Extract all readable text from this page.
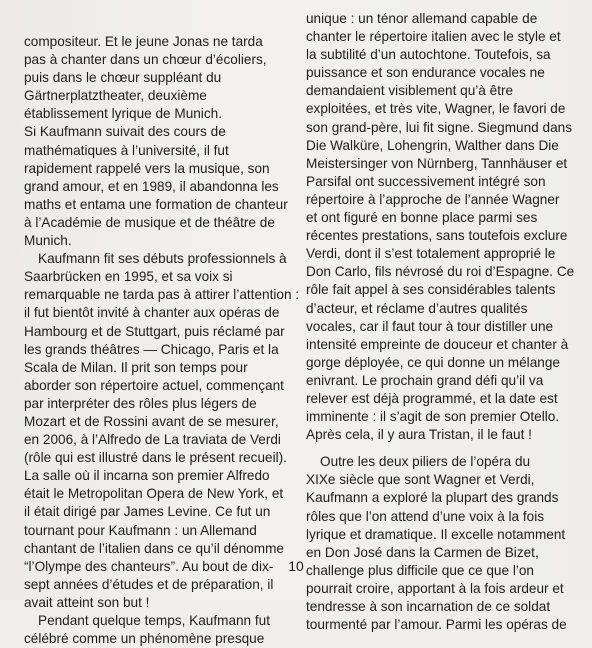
compositeur. Et le jeune Jonas ne tarda
pas à chanter dans un chœur d’écoliers,
puis dans le chœur suppléant du
Gärtnerplatztheater, deuxième
établissement lyrique de Munich.
Si Kaufmann suivait des cours de
mathématiques à l’université, il fut
rapidement rappelé vers la musique, son
grand amour, et en 1989, il abandonna les
maths et entama une formation de chanteur
à l’Académie de musique et de théâtre de
Munich.
Kaufmann fit ses débuts professionnels à
Saarbrücken en 1995, et sa voix si
remarquable ne tarda pas à attirer l’attention :
il fut bientôt invité à chanter aux opéras de
Hambourg et de Stuttgart, puis réclamé par
les grands théâtres — Chicago, Paris et la
Scala de Milan. Il prit son temps pour
aborder son répertoire actuel, commençant
par interpréter des rôles plus légers de
Mozart et de Rossini avant de se mesurer,
en 2006, à l’Alfredo de La traviata de Verdi
(rôle qui est illustré dans le présent recueil).
La salle où il incarna son premier Alfredo
était le Metropolitan Opera de New York, et
il était dirigé par James Levine. Ce fut un
tournant pour Kaufmann : un Allemand
chantant de l’italien dans ce qu’il dénomme
“l’Olympe des chanteurs”. Au bout de dix-
sept années d’études et de préparation, il
avait atteint son but !
Pendant quelque temps, Kaufmann fut
célébré comme un phénomène presque
unique : un ténor allemand capable de
chanter le répertoire italien avec le style et
la subtilité d’un autochtone. Toutefois, sa
puissance et son endurance vocales ne
demandaient visiblement qu’à être
exploitées, et très vite, Wagner, le favori de
son grand-père, lui fit signe. Siegmund dans
Die Walküre, Lohengrin, Walther dans Die
Meistersinger von Nürnberg, Tannhäuser et
Parsifal ont successivement intégré son
répertoire à l’approche de l’année Wagner
et ont figuré en bonne place parmi ses
récentes prestations, sans toutefois exclure
Verdi, dont il s’est totalement approprié le
Don Carlo, fils névrosé du roi d’Espagne. Ce
rôle fait appel à ses considérables talents
d’acteur, et réclame d’autres qualités
vocales, car il faut tour à tour distiller une
intensité empreinte de douceur et chanter à
gorge déployée, ce qui donne un mélange
enivrant. Le prochain grand défi qu’il va
relever est déjà programmé, et la date est
imminente : il s’agit de son premier Otello.
Après cela, il y aura Tristan, il le faut !
Outre les deux piliers de l’opéra du
XIXe siècle que sont Wagner et Verdi,
Kaufmann a exploré la plupart des grands
rôles que l’on attend d’une voix à la fois
lyrique et dramatique. Il excelle notamment
en Don José dans la Carmen de Bizet,
challenge plus difficile que ce que l’on
pourrait croire, apportant à la fois ardeur et
tendresse à son incarnation de ce soldat
tourmenté par l’amour. Parmi les opéras de
10
